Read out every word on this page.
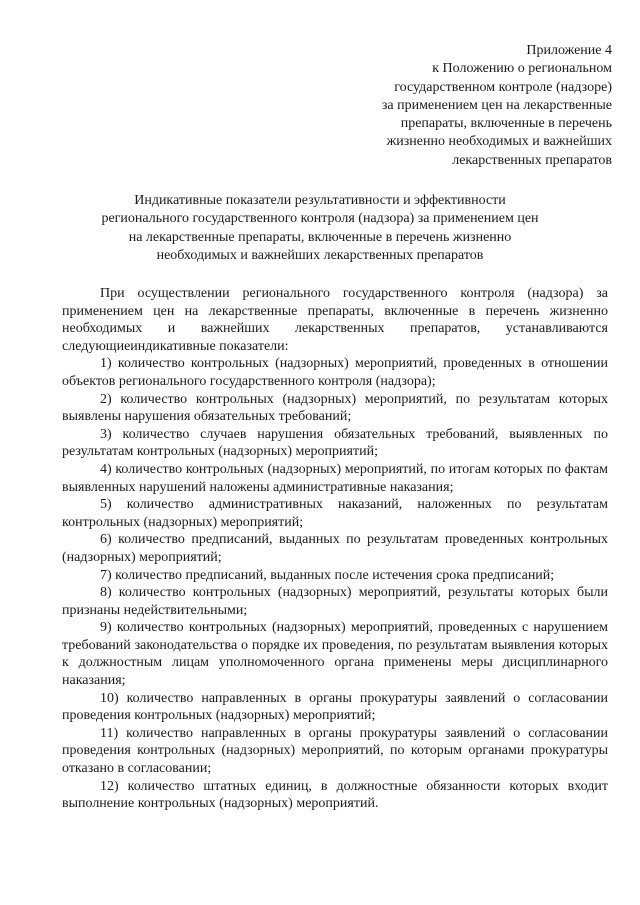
Приложение 4
к Положению о региональном
государственном контроле (надзоре)
за применением цен на лекарственные
препараты, включенные в перечень
жизненно необходимых и важнейших
лекарственных препаратов
Индикативные показатели результативности и эффективности
регионального государственного контроля (надзора) за применением цен
на лекарственные препараты, включенные в перечень жизненно
необходимых и важнейших лекарственных препаратов

При осуществлении регионального государственного контроля (надзора) за применением цен на лекарственные препараты, включенные в перечень жизненно необходимых и важнейших лекарственных препаратов, устанавливаются следующиеиндикативные показатели:

1) количество контрольных (надзорных) мероприятий, проведенных в отношении объектов регионального государственного контроля (надзора);

2) количество контрольных (надзорных) мероприятий, по результатам которых выявлены нарушения обязательных требований;

3) количество случаев нарушения обязательных требований, выявленных по результатам контрольных (надзорных) мероприятий;

4) количество контрольных (надзорных) мероприятий, по итогам которых по фактам выявленных нарушений наложены административные наказания;

5) количество административных наказаний, наложенных по результатам контрольных (надзорных) мероприятий;

6) количество предписаний, выданных по результатам проведенных контрольных (надзорных) мероприятий;

7) количество предписаний, выданных после истечения срока предписаний;

8) количество контрольных (надзорных) мероприятий, результаты которых были признаны недействительными;

9) количество контрольных (надзорных) мероприятий, проведенных с нарушением требований законодательства о порядке их проведения, по результатам выявления которых к должностным лицам уполномоченного органа применены меры дисциплинарного наказания;

10) количество направленных в органы прокуратуры заявлений о согласовании проведения контрольных (надзорных) мероприятий;

11) количество направленных в органы прокуратуры заявлений о согласовании проведения контрольных (надзорных) мероприятий, по которым органами прокуратуры отказано в согласовании;

12) количество штатных единиц, в должностные обязанности которых входит выполнение контрольных (надзорных) мероприятий.
